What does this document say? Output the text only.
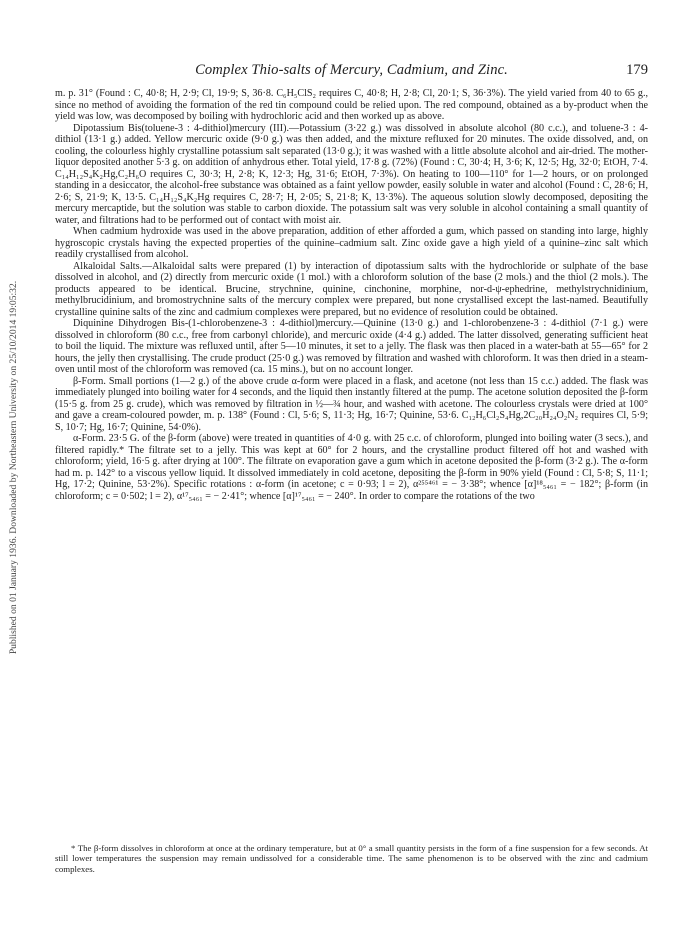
Published on 01 January 1936. Downloaded by Northeastern University on 25/10/2014 19:05:32.
Complex Thio-salts of Mercury, Cadmium, and Zinc.	179

m. p. 31° (Found : C, 40·8; H, 2·9; Cl, 19·9; S, 36·8. C₆H₅ClS₂ requires C, 40·8; H, 2·8; Cl, 20·1; S, 36·3%). The yield varied from 40 to 65 g., since no method of avoiding the formation of the red tin compound could be relied upon. The red compound, obtained as a by-product when the yield was low, was decomposed by boiling with hydrochloric acid and then worked up as above.

Dipotassium Bis(toluene-3 : 4-dithiol)mercury (III).—Potassium (3·22 g.) was dissolved in absolute alcohol (80 c.c.), and toluene-3 : 4-dithiol (13·1 g.) added. Yellow mercuric oxide (9·0 g.) was then added, and the mixture refluxed for 20 minutes. The oxide dissolved, and, on cooling, the colourless highly crystalline potassium salt separated (13·0 g.); it was washed with a little absolute alcohol and air-dried. The mother-liquor deposited another 5·3 g. on addition of anhydrous ether. Total yield, 17·8 g. (72%) (Found : C, 30·4; H, 3·6; K, 12·5; Hg, 32·0; EtOH, 7·4. C₁₄H₁₂S₄K₂Hg,C₂H₆O requires C, 30·3; H, 2·8; K, 12·3; Hg, 31·6; EtOH, 7·3%). On heating to 100—110° for 1—2 hours, or on prolonged standing in a desiccator, the alcohol-free substance was obtained as a faint yellow powder, easily soluble in water and alcohol (Found : C, 28·6; H, 2·6; S, 21·9; K, 13·5. C₁₄H₁₂S₄K₂Hg requires C, 28·7; H, 2·05; S, 21·8; K, 13·3%). The aqueous solution slowly decomposed, depositing the mercury mercaptide, but the solution was stable to carbon dioxide. The potassium salt was very soluble in alcohol containing a small quantity of water, and filtrations had to be performed out of contact with moist air.

When cadmium hydroxide was used in the above preparation, addition of ether afforded a gum, which passed on standing into large, highly hygroscopic crystals having the expected properties of the quinine–cadmium salt. Zinc oxide gave a high yield of a quinine–zinc salt which readily crystallised from alcohol.

Alkaloidal Salts.—Alkaloidal salts were prepared (1) by interaction of dipotassium salts with the hydrochloride or sulphate of the base dissolved in alcohol, and (2) directly from mercuric oxide (1 mol.) with a chloroform solution of the base (2 mols.) and the thiol (2 mols.). The products appeared to be identical. Brucine, strychnine, quinine, cinchonine, morphine, nor-d-ψ-ephedrine, methylstrychnidinium, methylbrucidinium, and bromostrychnine salts of the mercury complex were prepared, but none crystallised except the last-named. Beautifully crystalline quinine salts of the zinc and cadmium complexes were prepared, but no evidence of resolution could be obtained.

Diquinine Dihydrogen Bis-(1-chlorobenzene-3 : 4-dithiol)mercury.—Quinine (13·0 g.) and 1-chlorobenzene-3 : 4-dithiol (7·1 g.) were dissolved in chloroform (80 c.c., free from carbonyl chloride), and mercuric oxide (4·4 g.) added. The latter dissolved, generating sufficient heat to boil the liquid. The mixture was refluxed until, after 5—10 minutes, it set to a jelly. The flask was then placed in a water-bath at 55—65° for 2 hours, the jelly then crystallising. The crude product (25·0 g.) was removed by filtration and washed with chloroform. It was then dried in a steam-oven until most of the chloroform was removed (ca. 15 mins.), but on no account longer.

β-Form. Small portions (1—2 g.) of the above crude α-form were placed in a flask, and acetone (not less than 15 c.c.) added. The flask was immediately plunged into boiling water for 4 seconds, and the liquid then instantly filtered at the pump. The acetone solution deposited the β-form (15·5 g. from 25 g. crude), which was removed by filtration in ½—¾ hour, and washed with acetone. The colourless crystals were dried at 100° and gave a cream-coloured powder, m. p. 138° (Found : Cl, 5·6; S, 11·3; Hg, 16·7; Quinine, 53·6. C₁₂H₆Cl₂S₄Hg,2C₂₀H₂₄O₂N₂ requires Cl, 5·9; S, 10·7; Hg, 16·7; Quinine, 54·0%).

α-Form. 23·5 G. of the β-form (above) were treated in quantities of 4·0 g. with 25 c.c. of chloroform, plunged into boiling water (3 secs.), and filtered rapidly.* The filtrate set to a jelly. This was kept at 60° for 2 hours, and the crystalline product filtered off hot and washed with chloroform; yield, 16·5 g. after drying at 100°. The filtrate on evaporation gave a gum which in acetone deposited the β-form (3·2 g.). The α-form had m. p. 142° to a viscous yellow liquid. It dissolved immediately in cold acetone, depositing the β-form in 90% yield (Found : Cl, 5·8; S, 11·1; Hg, 17·2; Quinine, 53·2%). Specific rotations : α-form (in acetone; c = 0·93; l = 2), α²⁵⁵⁴⁶¹ = − 3·38°; whence [α]¹⁸₅₄₆₁ = − 182°; β-form (in chloroform; c = 0·502; l = 2), α¹⁷₅₄₆₁ = − 2·41°; whence [α]¹⁷₅₄₆₁ = − 240°. In order to compare the rotations of the two

* The β-form dissolves in chloroform at once at the ordinary temperature, but at 0° a small quantity persists in the form of a fine suspension for a few seconds. At still lower temperatures the suspension may remain undissolved for a considerable time. The same phenomenon is to be observed with the zinc and cadmium complexes.
